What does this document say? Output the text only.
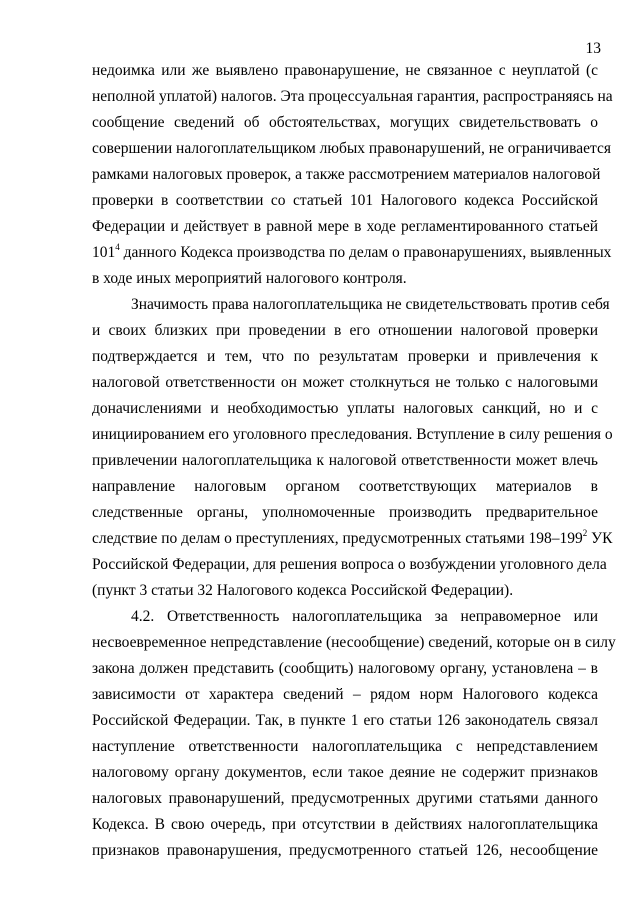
13
недоимка или же выявлено правонарушение, не связанное с неуплатой (с
неполной уплатой) налогов. Эта процессуальная гарантия, распространяясь на
сообщение сведений об обстоятельствах, могущих свидетельствовать о
совершении налогоплательщиком любых правонарушений, не ограничивается
рамками налоговых проверок, а также рассмотрением материалов налоговой
проверки в соответствии со статьей 101 Налогового кодекса Российской
Федерации и действует в равной мере в ходе регламентированного статьей
$101^4$ данного Кодекса производства по делам о правонарушениях, выявленных
в ходе иных мероприятий налогового контроля.
Значимость права налогоплательщика не свидетельствовать против себя
и своих близких при проведении в его отношении налоговой проверки
подтверждается и тем, что по результатам проверки и привлечения к
налоговой ответственности он может столкнуться не только с налоговыми
доначислениями и необходимостью уплаты налоговых санкций, но и с
инициированием его уголовного преследования. Вступление в силу решения о
привлечении налогоплательщика к налоговой ответственности может влечь
направление налоговым органом соответствующих материалов в
следственные органы, уполномоченные производить предварительное
следствие по делам о преступлениях, предусмотренных статьями $198-199^2$ УК
Российской Федерации, для решения вопроса о возбуждении уголовного дела
(пункт 3 статьи 32 Налогового кодекса Российской Федерации).
4.2. Ответственность налогоплательщика за неправомерное или
несвоевременное непредставление (несообщение) сведений, которые он в силу
закона должен представить (сообщить) налоговому органу, установлена – в
зависимости от характера сведений – рядом норм Налогового кодекса
Российской Федерации. Так, в пункте 1 его статьи 126 законодатель связал
наступление ответственности налогоплательщика с непредставлением
налоговому органу документов, если такое деяние не содержит признаков
налоговых правонарушений, предусмотренных другими статьями данного
Кодекса. В свою очередь, при отсутствии в действиях налогоплательщика
признаков правонарушения, предусмотренного статьей 126, несообщение
